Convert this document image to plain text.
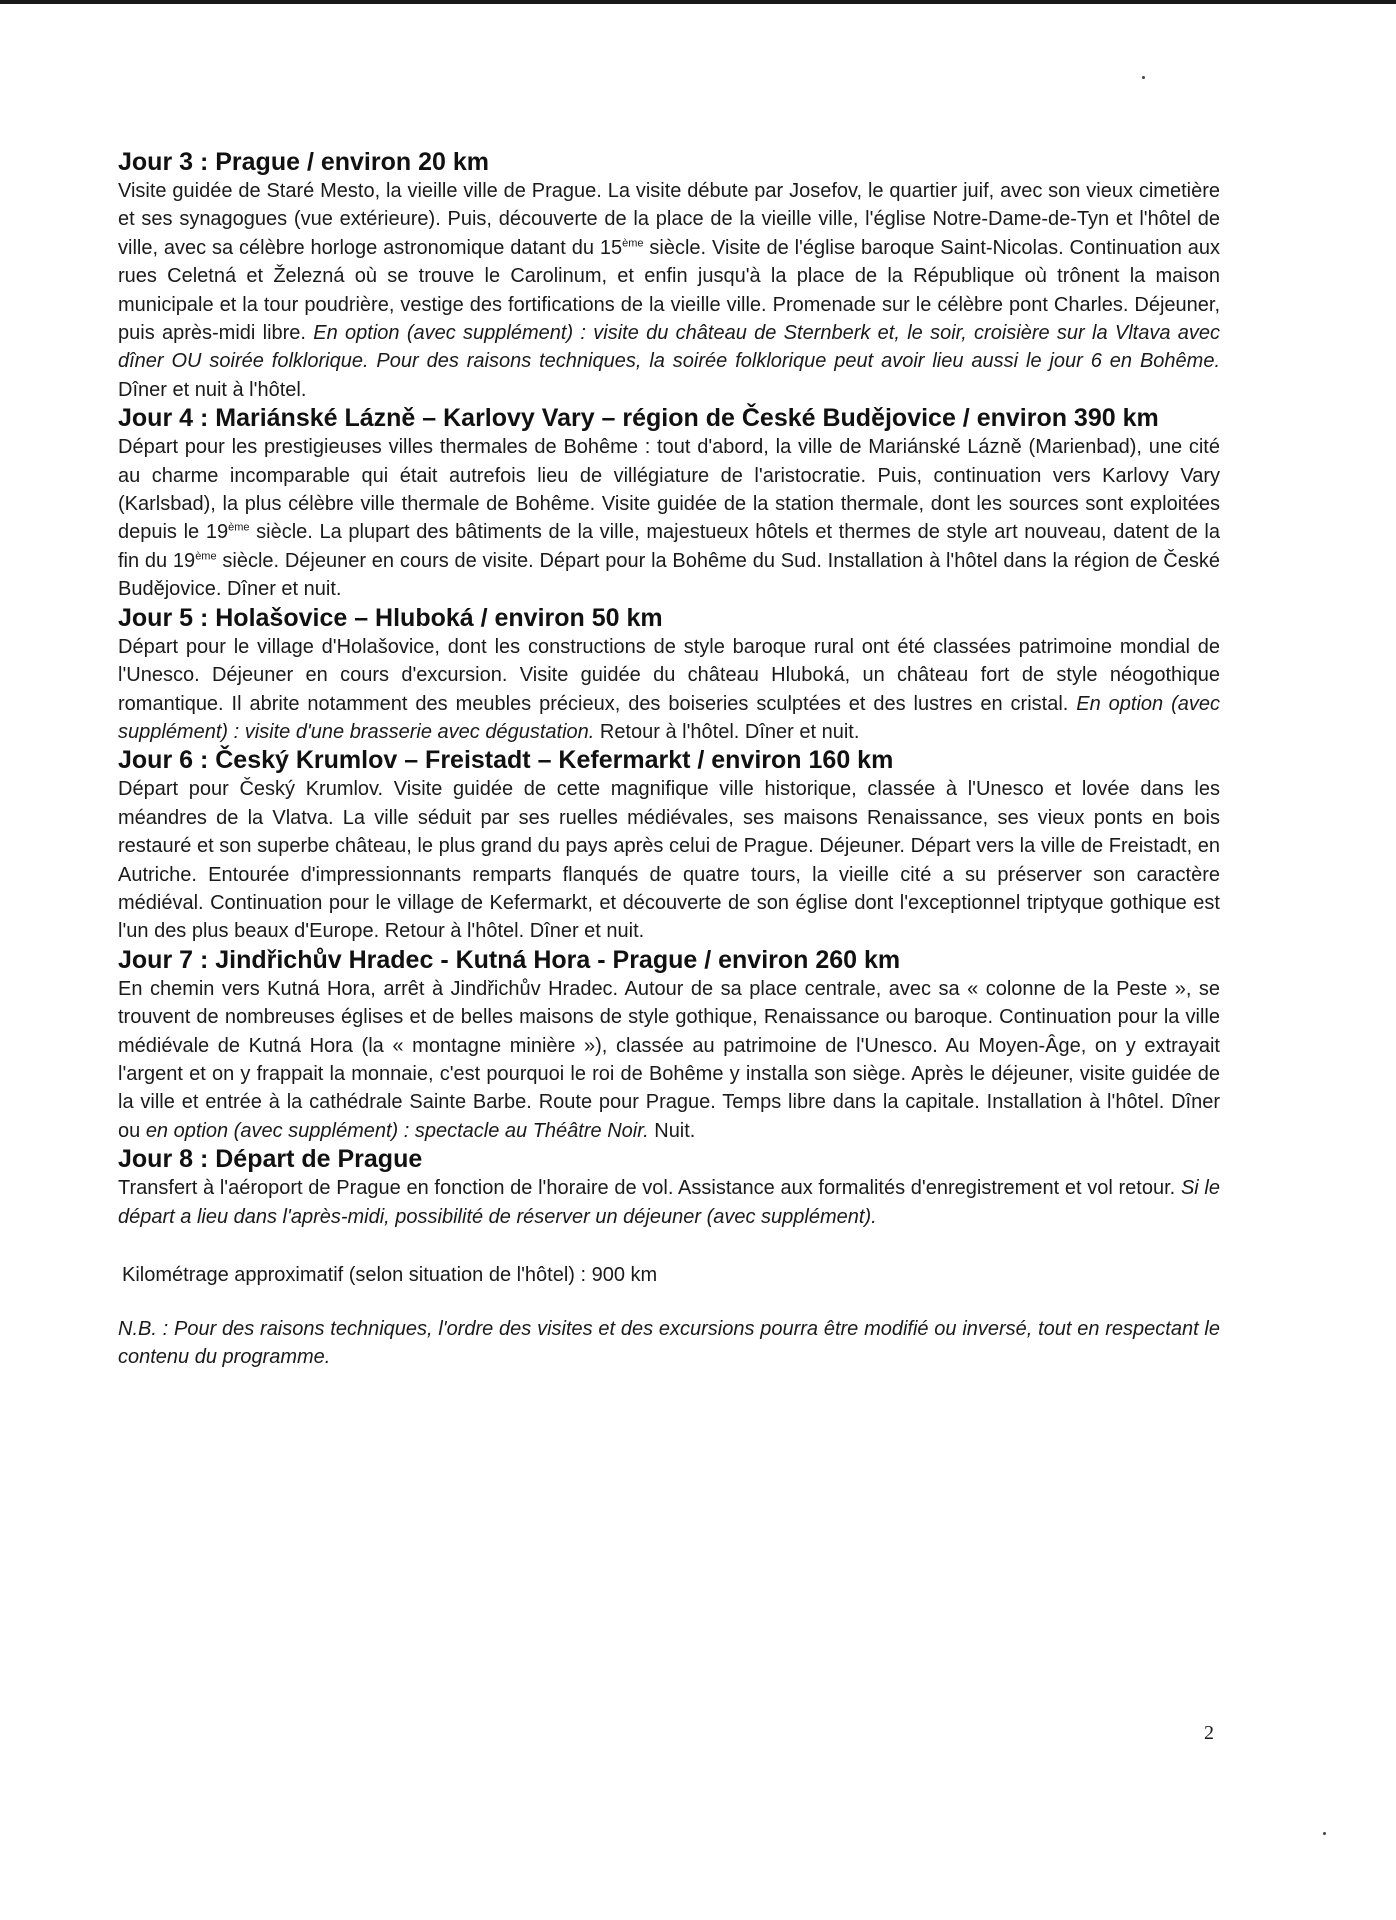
Jour 3 : Prague / environ 20 km

Visite guidée de Staré Mesto, la vieille ville de Prague. La visite débute par Josefov, le quartier juif, avec son vieux cimetière et ses synagogues (vue extérieure). Puis, découverte de la place de la vieille ville, l'église Notre-Dame-de-Tyn et l'hôtel de ville, avec sa célèbre horloge astronomique datant du 15ème siècle. Visite de l'église baroque Saint-Nicolas. Continuation aux rues Celetná et Železná où se trouve le Carolinum, et enfin jusqu'à la place de la République où trônent la maison municipale et la tour poudrière, vestige des fortifications de la vieille ville. Promenade sur le célèbre pont Charles. Déjeuner, puis après-midi libre. En option (avec supplément) : visite du château de Sternberk et, le soir, croisière sur la Vltava avec dîner OU soirée folklorique. Pour des raisons techniques, la soirée folklorique peut avoir lieu aussi le jour 6 en Bohême. Dîner et nuit à l'hôtel.

Jour 4 : Mariánské Lázně – Karlovy Vary – région de České Budějovice / environ 390 km

Départ pour les prestigieuses villes thermales de Bohême : tout d'abord, la ville de Mariánské Lázně (Marienbad), une cité au charme incomparable qui était autrefois lieu de villégiature de l'aristocratie. Puis, continuation vers Karlovy Vary (Karlsbad), la plus célèbre ville thermale de Bohême. Visite guidée de la station thermale, dont les sources sont exploitées depuis le 19ème siècle. La plupart des bâtiments de la ville, majestueux hôtels et thermes de style art nouveau, datent de la fin du 19ème siècle. Déjeuner en cours de visite. Départ pour la Bohême du Sud. Installation à l'hôtel dans la région de České Budějovice. Dîner et nuit.

Jour 5 : Holašovice – Hluboká / environ 50 km

Départ pour le village d'Holašovice, dont les constructions de style baroque rural ont été classées patrimoine mondial de l'Unesco. Déjeuner en cours d'excursion. Visite guidée du château Hluboká, un château fort de style néogothique romantique. Il abrite notamment des meubles précieux, des boiseries sculptées et des lustres en cristal. En option (avec supplément) : visite d'une brasserie avec dégustation. Retour à l'hôtel. Dîner et nuit.

Jour 6 : Český Krumlov – Freistadt – Kefermarkt / environ 160 km

Départ pour Český Krumlov. Visite guidée de cette magnifique ville historique, classée à l'Unesco et lovée dans les méandres de la Vlatva. La ville séduit par ses ruelles médiévales, ses maisons Renaissance, ses vieux ponts en bois restauré et son superbe château, le plus grand du pays après celui de Prague. Déjeuner. Départ vers la ville de Freistadt, en Autriche. Entourée d'impressionnants remparts flanqués de quatre tours, la vieille cité a su préserver son caractère médiéval. Continuation pour le village de Kefermarkt, et découverte de son église dont l'exceptionnel triptyque gothique est l'un des plus beaux d'Europe. Retour à l'hôtel. Dîner et nuit.

Jour 7 : Jindřichův Hradec - Kutná Hora - Prague / environ 260 km

En chemin vers Kutná Hora, arrêt à Jindřichův Hradec. Autour de sa place centrale, avec sa « colonne de la Peste », se trouvent de nombreuses églises et de belles maisons de style gothique, Renaissance ou baroque. Continuation pour la ville médiévale de Kutná Hora (la « montagne minière »), classée au patrimoine de l'Unesco. Au Moyen-Âge, on y extrayait l'argent et on y frappait la monnaie, c'est pourquoi le roi de Bohême y installa son siège. Après le déjeuner, visite guidée de la ville et entrée à la cathédrale Sainte Barbe. Route pour Prague. Temps libre dans la capitale. Installation à l'hôtel. Dîner ou en option (avec supplément) : spectacle au Théâtre Noir. Nuit.

Jour 8 : Départ de Prague

Transfert à l'aéroport de Prague en fonction de l'horaire de vol. Assistance aux formalités d'enregistrement et vol retour. Si le départ a lieu dans l'après-midi, possibilité de réserver un déjeuner (avec supplément).

Kilométrage approximatif (selon situation de l'hôtel) : 900 km

N.B. : Pour des raisons techniques, l'ordre des visites et des excursions pourra être modifié ou inversé, tout en respectant le contenu du programme.

2
